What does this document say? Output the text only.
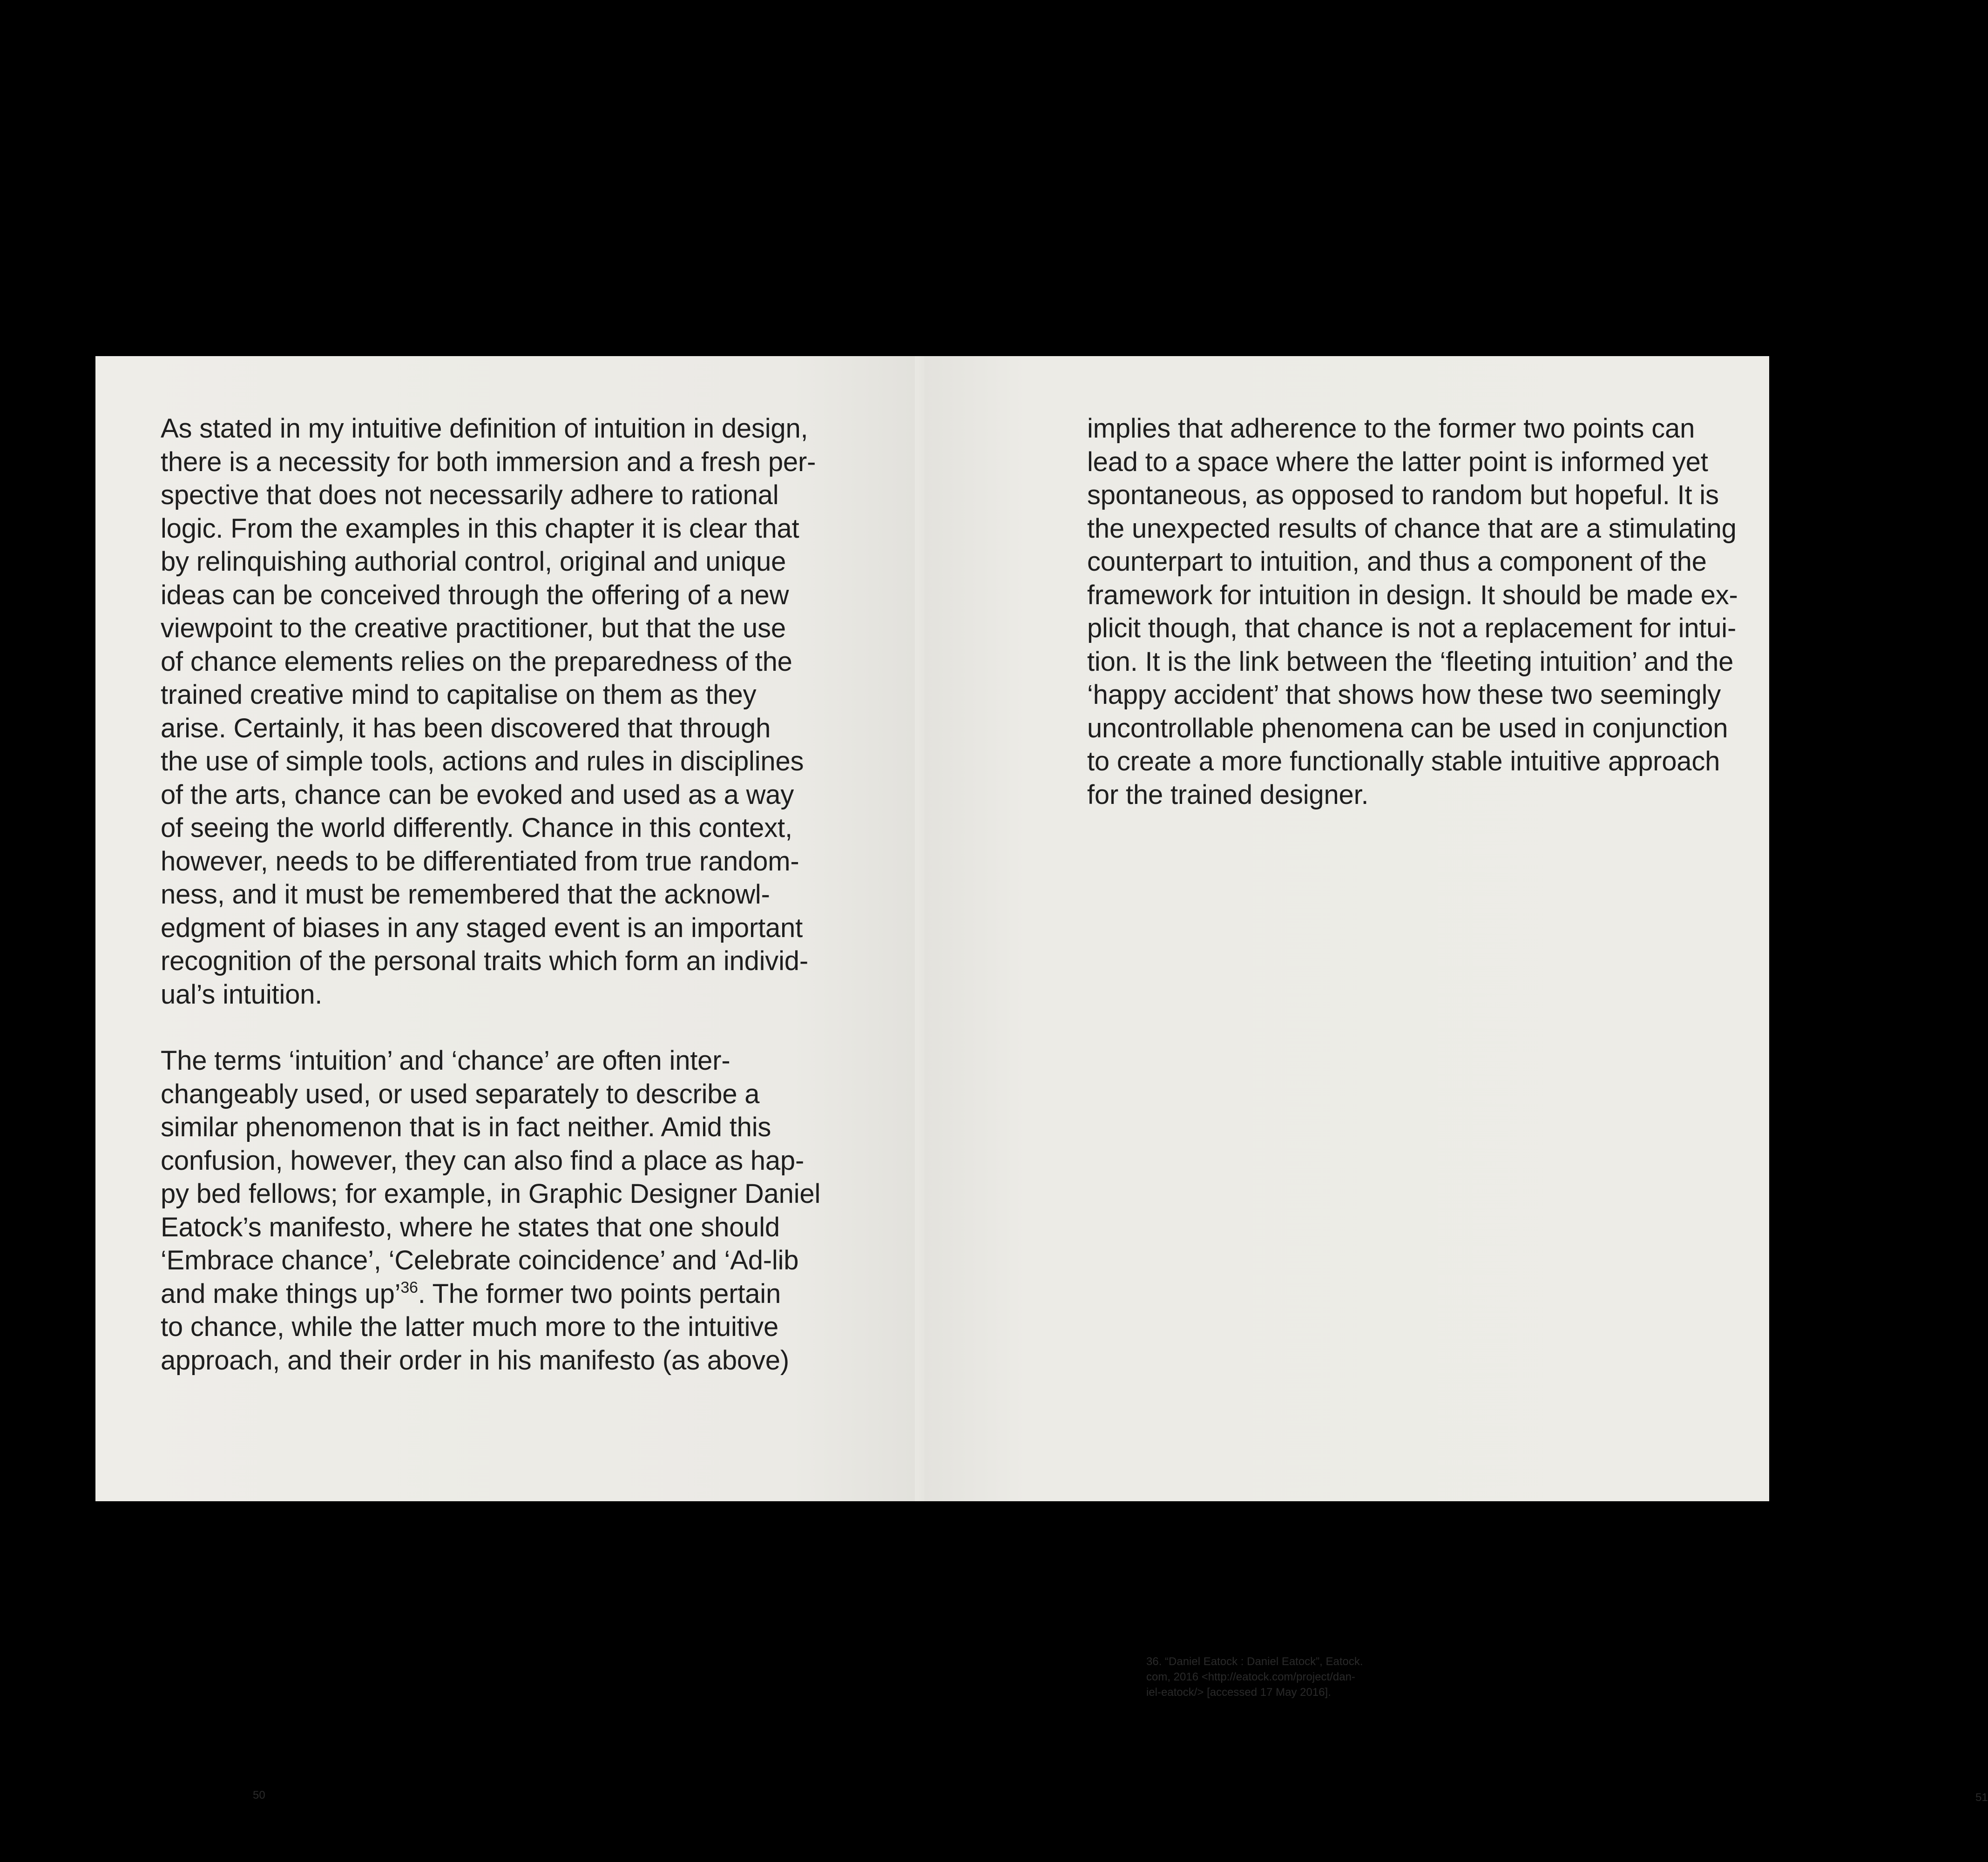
As stated in my intuitive definition of intuition in design,
there is a necessity for both immersion and a fresh per-
spective that does not necessarily adhere to rational
logic. From the examples in this chapter it is clear that
by relinquishing authorial control, original and unique
ideas can be conceived through the offering of a new
viewpoint to the creative practitioner, but that the use
of chance elements relies on the preparedness of the
trained creative mind to capitalise on them as they
arise. Certainly, it has been discovered that through
the use of simple tools, actions and rules in disciplines
of the arts, chance can be evoked and used as a way
of seeing the world differently. Chance in this context,
however, needs to be differentiated from true random-
ness, and it must be remembered that the acknowl-
edgment of biases in any staged event is an important
recognition of the personal traits which form an individ-
ual’s intuition.

The terms ‘intuition’ and ‘chance’ are often inter-
changeably used, or used separately to describe a
similar phenomenon that is in fact neither. Amid this
confusion, however, they can also find a place as hap-
py bed fellows; for example, in Graphic Designer Daniel
Eatock’s manifesto, where he states that one should
‘Embrace chance’, ‘Celebrate coincidence’ and ‘Ad-lib
and make things up’$^{36}$. The former two points pertain
to chance, while the latter much more to the intuitive
approach, and their order in his manifesto (as above)

50

implies that adherence to the former two points can
lead to a space where the latter point is informed yet
spontaneous, as opposed to random but hopeful. It is
the unexpected results of chance that are a stimulating
counterpart to intuition, and thus a component of the
framework for intuition in design. It should be made ex-
plicit though, that chance is not a replacement for intui-
tion. It is the link between the ‘fleeting intuition’ and the
‘happy accident’ that shows how these two seemingly
uncontrollable phenomena can be used in conjunction
to create a more functionally stable intuitive approach
for the trained designer.

51
36. “Daniel Eatock : Daniel Eatock”, Eatock.
com, 2016 <http://eatock.com/project/dan-
iel-eatock/> [accessed 17 May 2016].
